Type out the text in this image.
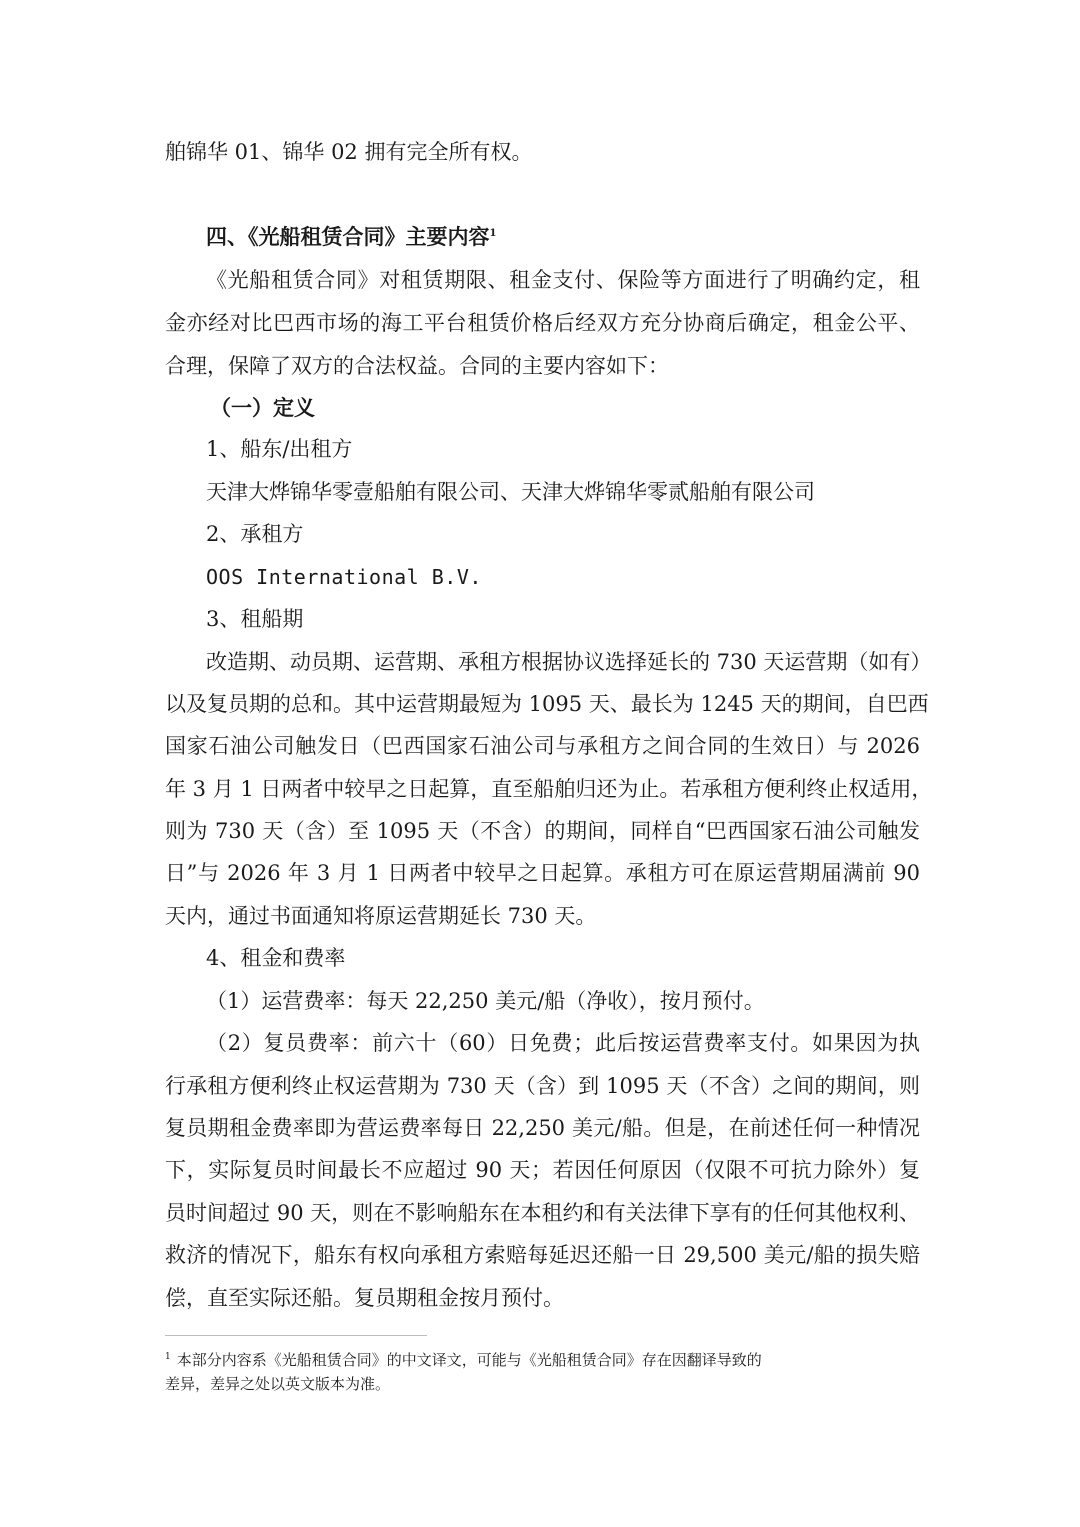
舶锦华 01、锦华 02 拥有完全所有权。
四、《光船租赁合同》主要内容$^1$
《光船租赁合同》对租赁期限、租金支付、保险等方面进行了明确约定，租
金亦经对比巴西市场的海工平台租赁价格后经双方充分协商后确定，租金公平、
合理，保障了双方的合法权益。合同的主要内容如下：
（一）定义
1、船东/出租方
天津大烨锦华零壹船舶有限公司、天津大烨锦华零贰船舶有限公司
2、承租方
OOS International B.V.
3、租船期
改造期、动员期、运营期、承租方根据协议选择延长的 730 天运营期（如有）
以及复员期的总和。其中运营期最短为 1095 天、最长为 1245 天的期间，自巴西
国家石油公司触发日（巴西国家石油公司与承租方之间合同的生效日）与 2026
年 3 月 1 日两者中较早之日起算，直至船舶归还为止。若承租方便利终止权适用，
则为 730 天（含）至 1095 天（不含）的期间，同样自“巴西国家石油公司触发
日”与 2026 年 3 月 1 日两者中较早之日起算。承租方可在原运营期届满前 90
天内，通过书面通知将原运营期延长 730 天。
4、租金和费率
（1）运营费率：每天 22,250 美元/船（净收），按月预付。
（2）复员费率：前六十（60）日免费；此后按运营费率支付。如果因为执
行承租方便利终止权运营期为 730 天（含）到 1095 天（不含）之间的期间，则
复员期租金费率即为营运费率每日 22,250 美元/船。但是，在前述任何一种情况
下，实际复员时间最长不应超过 90 天；若因任何原因（仅限不可抗力除外）复
员时间超过 90 天，则在不影响船东在本租约和有关法律下享有的任何其他权利、
救济的情况下，船东有权向承租方索赔每延迟还船一日 29,500 美元/船的损失赔
偿，直至实际还船。复员期租金按月预付。
$^1$ 本部分内容系《光船租赁合同》的中文译文，可能与《光船租赁合同》存在因翻译导致的
差异，差异之处以英文版本为准。
